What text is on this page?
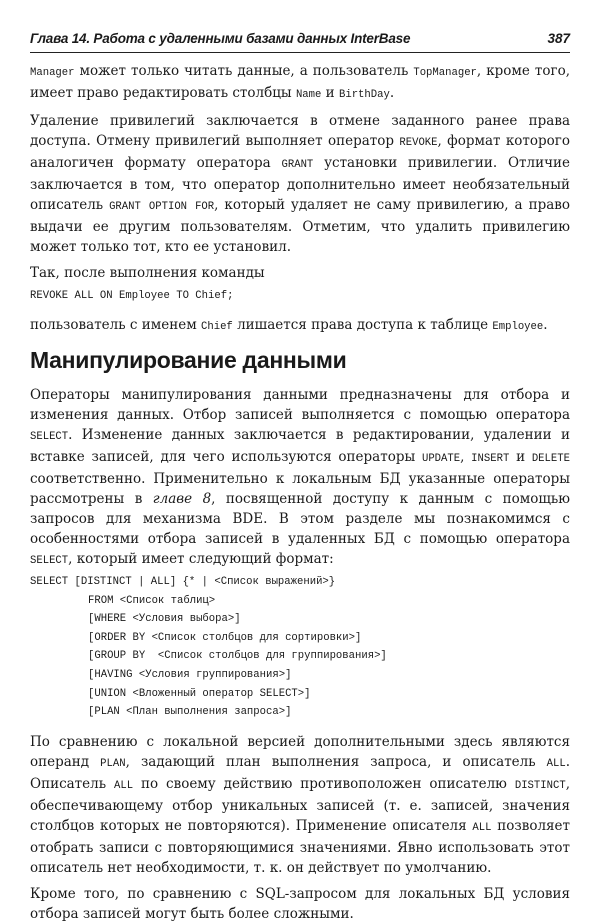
Глава 14. Работа с удаленными базами данных InterBase	387

Manager может только читать данные, а пользователь TopManager, кроме того, имеет право редактировать столбцы Name и BirthDay.

Удаление привилегий заключается в отмене заданного ранее права доступа. Отмену привилегий выполняет оператор REVOKE, формат которого аналогичен формату оператора GRANT установки привилегии. Отличие заключается в том, что оператор дополнительно имеет необязательный описатель GRANT OPTION FOR, который удаляет не саму привилегию, а право выдачи ее другим пользователям. Отметим, что удалить привилегию может только тот, кто ее установил.

Так, после выполнения команды

REVOKE ALL ON Employee TO Chief;

пользователь с именем Chief лишается права доступа к таблице Employee.

Манипулирование данными

Операторы манипулирования данными предназначены для отбора и изменения данных. Отбор записей выполняется с помощью оператора SELECT. Изменение данных заключается в редактировании, удалении и вставке записей, для чего используются операторы UPDATE, INSERT и DELETE соответственно. Применительно к локальным БД указанные операторы рассмотрены в главе 8, посвященной доступу к данным с помощью запросов для механизма BDE. В этом разделе мы познакомимся с особенностями отбора записей в удаленных БД с помощью оператора SELECT, который имеет следующий формат:

SELECT [DISTINCT | ALL] {* | <Список выражений>}
FROM <Список таблиц>
[WHERE <Условия выбора>]
[ORDER BY <Список столбцов для сортировки>]
[GROUP BY  <Список столбцов для группирования>]
[HAVING <Условия группирования>]
[UNION <Вложенный оператор SELECT>]
[PLAN <План выполнения запроса>]

По сравнению с локальной версией дополнительными здесь являются операнд PLAN, задающий план выполнения запроса, и описатель ALL. Описатель ALL по своему действию противоположен описателю DISTINCT, обеспечивающему отбор уникальных записей (т. е. записей, значения столбцов которых не повторяются). Применение описателя ALL позволяет отобрать записи с повторяющимися значениями. Явно использовать этот описатель нет необходимости, т. к. он действует по умолчанию.

Кроме того, по сравнению с SQL-запросом для локальных БД условия отбора записей могут быть более сложными.
